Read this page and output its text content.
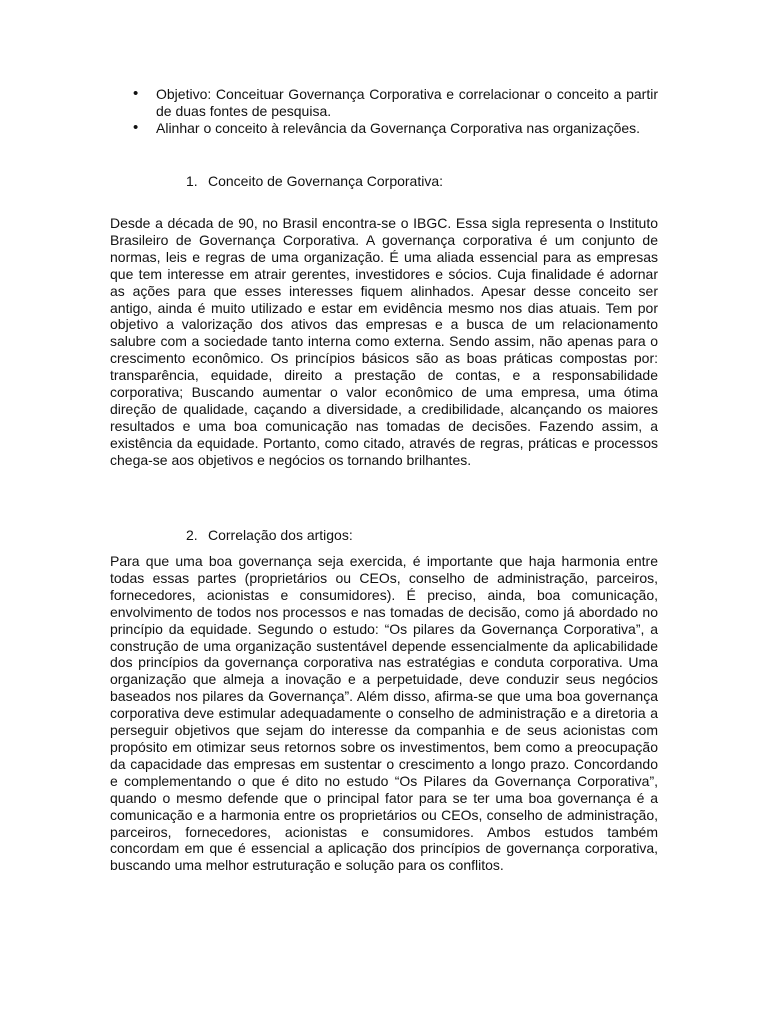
• Objetivo: Conceituar Governança Corporativa e correlacionar o conceito a partir de duas fontes de pesquisa.
• Alinhar o conceito à relevância da Governança Corporativa nas organizações.
1. Conceito de Governança Corporativa:

Desde a década de 90, no Brasil encontra-se o IBGC. Essa sigla representa o Instituto Brasileiro de Governança Corporativa. A governança corporativa é um conjunto de normas, leis e regras de uma organização. É uma aliada essencial para as empresas que tem interesse em atrair gerentes, investidores e sócios. Cuja finalidade é adornar as ações para que esses interesses fiquem alinhados. Apesar desse conceito ser antigo, ainda é muito utilizado e estar em evidência mesmo nos dias atuais. Tem por objetivo a valorização dos ativos das empresas e a busca de um relacionamento salubre com a sociedade tanto interna como externa. Sendo assim, não apenas para o crescimento econômico. Os princípios básicos são as boas práticas compostas por: transparência, equidade, direito a prestação de contas, e a responsabilidade corporativa; Buscando aumentar o valor econômico de uma empresa, uma ótima direção de qualidade, caçando a diversidade, a credibilidade, alcançando os maiores resultados e uma boa comunicação nas tomadas de decisões. Fazendo assim, a existência da equidade. Portanto, como citado, através de regras, práticas e processos chega-se aos objetivos e negócios os tornando brilhantes.

2. Correlação dos artigos:

Para que uma boa governança seja exercida, é importante que haja harmonia entre todas essas partes (proprietários ou CEOs, conselho de administração, parceiros, fornecedores, acionistas e consumidores). É preciso, ainda, boa comunicação, envolvimento de todos nos processos e nas tomadas de decisão, como já abordado no princípio da equidade. Segundo o estudo: “Os pilares da Governança Corporativa”, a construção de uma organização sustentável depende essencialmente da aplicabilidade dos princípios da governança corporativa nas estratégias e conduta corporativa. Uma organização que almeja a inovação e a perpetuidade, deve conduzir seus negócios baseados nos pilares da Governança”. Além disso, afirma-se que uma boa governança corporativa deve estimular adequadamente o conselho de administração e a diretoria a perseguir objetivos que sejam do interesse da companhia e de seus acionistas com propósito em otimizar seus retornos sobre os investimentos, bem como a preocupação da capacidade das empresas em sustentar o crescimento a longo prazo. Concordando e complementando o que é dito no estudo “Os Pilares da Governança Corporativa”, quando o mesmo defende que o principal fator para se ter uma boa governança é a comunicação e a harmonia entre os proprietários ou CEOs, conselho de administração, parceiros, fornecedores, acionistas e consumidores. Ambos estudos também concordam em que é essencial a aplicação dos princípios de governança corporativa, buscando uma melhor estruturação e solução para os conflitos.
